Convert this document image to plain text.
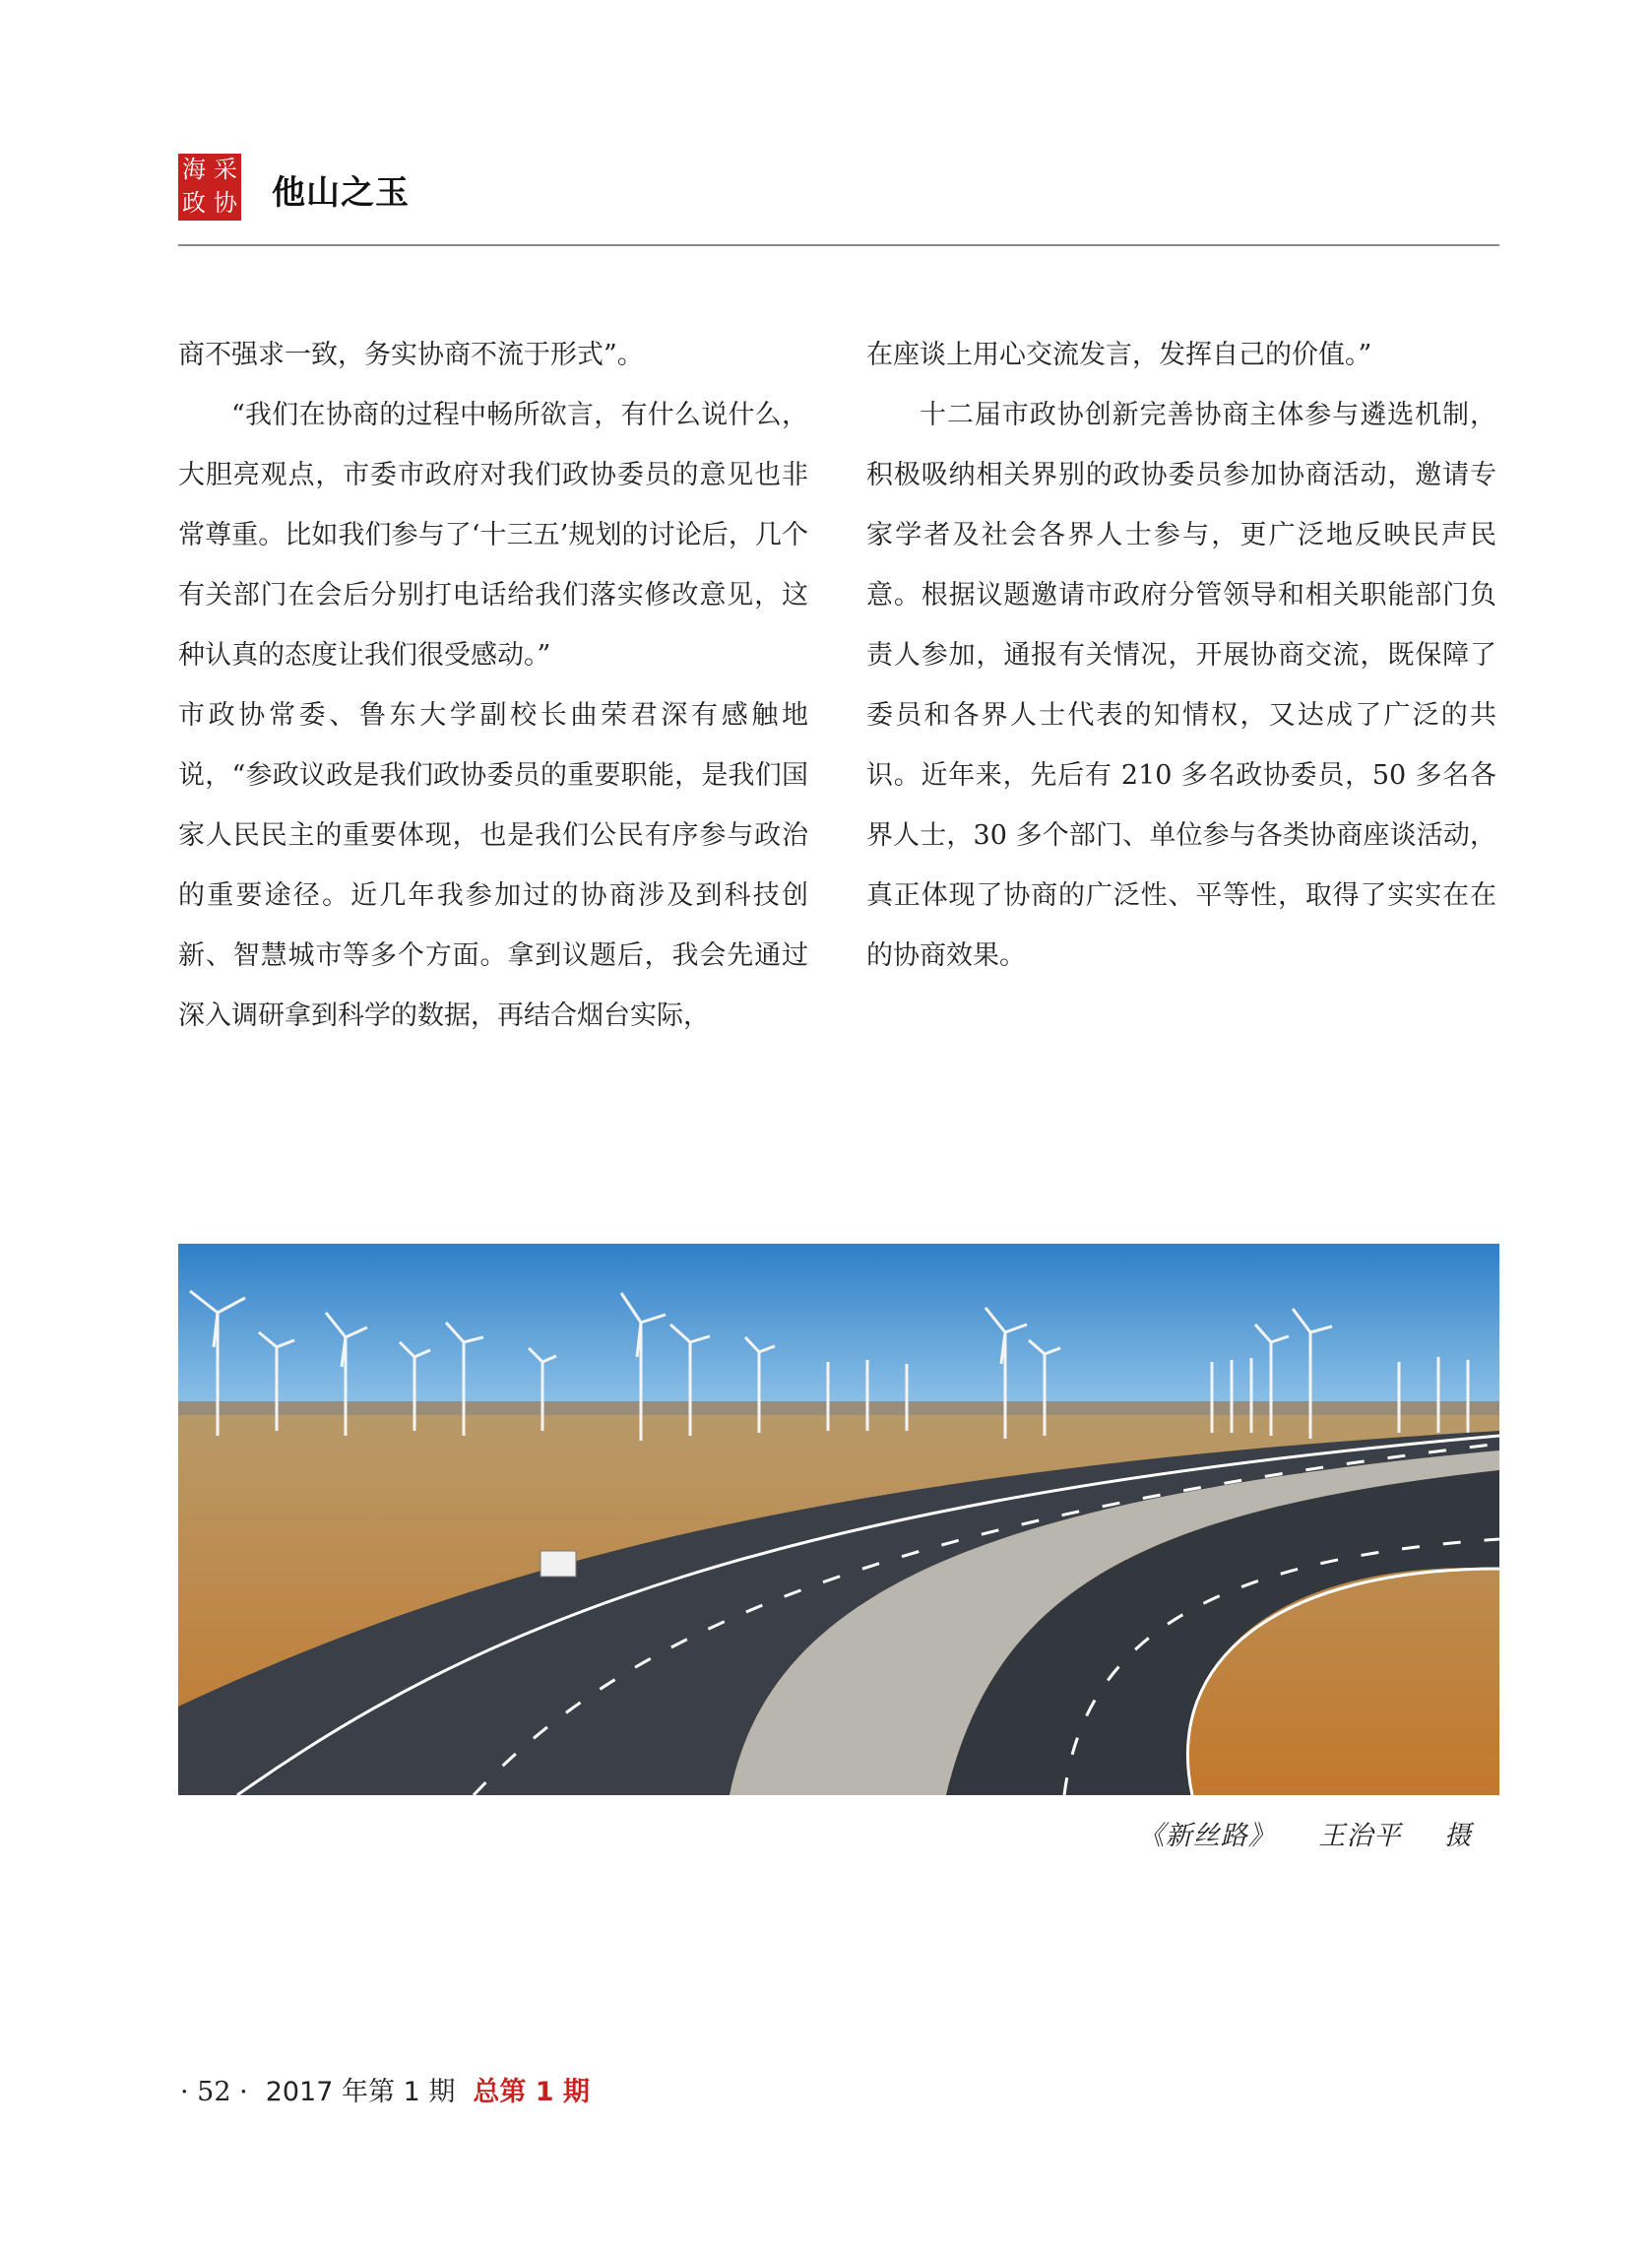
海 采
政 协 他山之玉

商不强求一致，务实协商不流于形式”。

“我们在协商的过程中畅所欲言，有什么说什么，大胆亮观点，市委市政府对我们政协委员的意见也非常尊重。比如我们参与了‘十三五’规划的讨论后，几个有关部门在会后分别打电话给我们落实修改意见，这种认真的态度让我们很受感动。”

市政协常委、鲁东大学副校长曲荣君深有感触地说，“参政议政是我们政协委员的重要职能，是我们国家人民民主的重要体现，也是我们公民有序参与政治的重要途径。近几年我参加过的协商涉及到科技创新、智慧城市等多个方面。拿到议题后，我会先通过深入调研拿到科学的数据，再结合烟台实际，

在座谈上用心交流发言，发挥自己的价值。”

十二届市政协创新完善协商主体参与遴选机制，积极吸纳相关界别的政协委员参加协商活动，邀请专家学者及社会各界人士参与，更广泛地反映民声民意。根据议题邀请市政府分管领导和相关职能部门负责人参加，通报有关情况，开展协商交流，既保障了委员和各界人士代表的知情权，又达成了广泛的共识。近年来，先后有 210 多名政协委员，50 多名各界人士，30 多个部门、单位参与各类协商座谈活动，真正体现了协商的广泛性、平等性，取得了实实在在的协商效果。

《新丝路》 王治平 摄
· 52 · 2017 年第 1 期 总第 1 期
